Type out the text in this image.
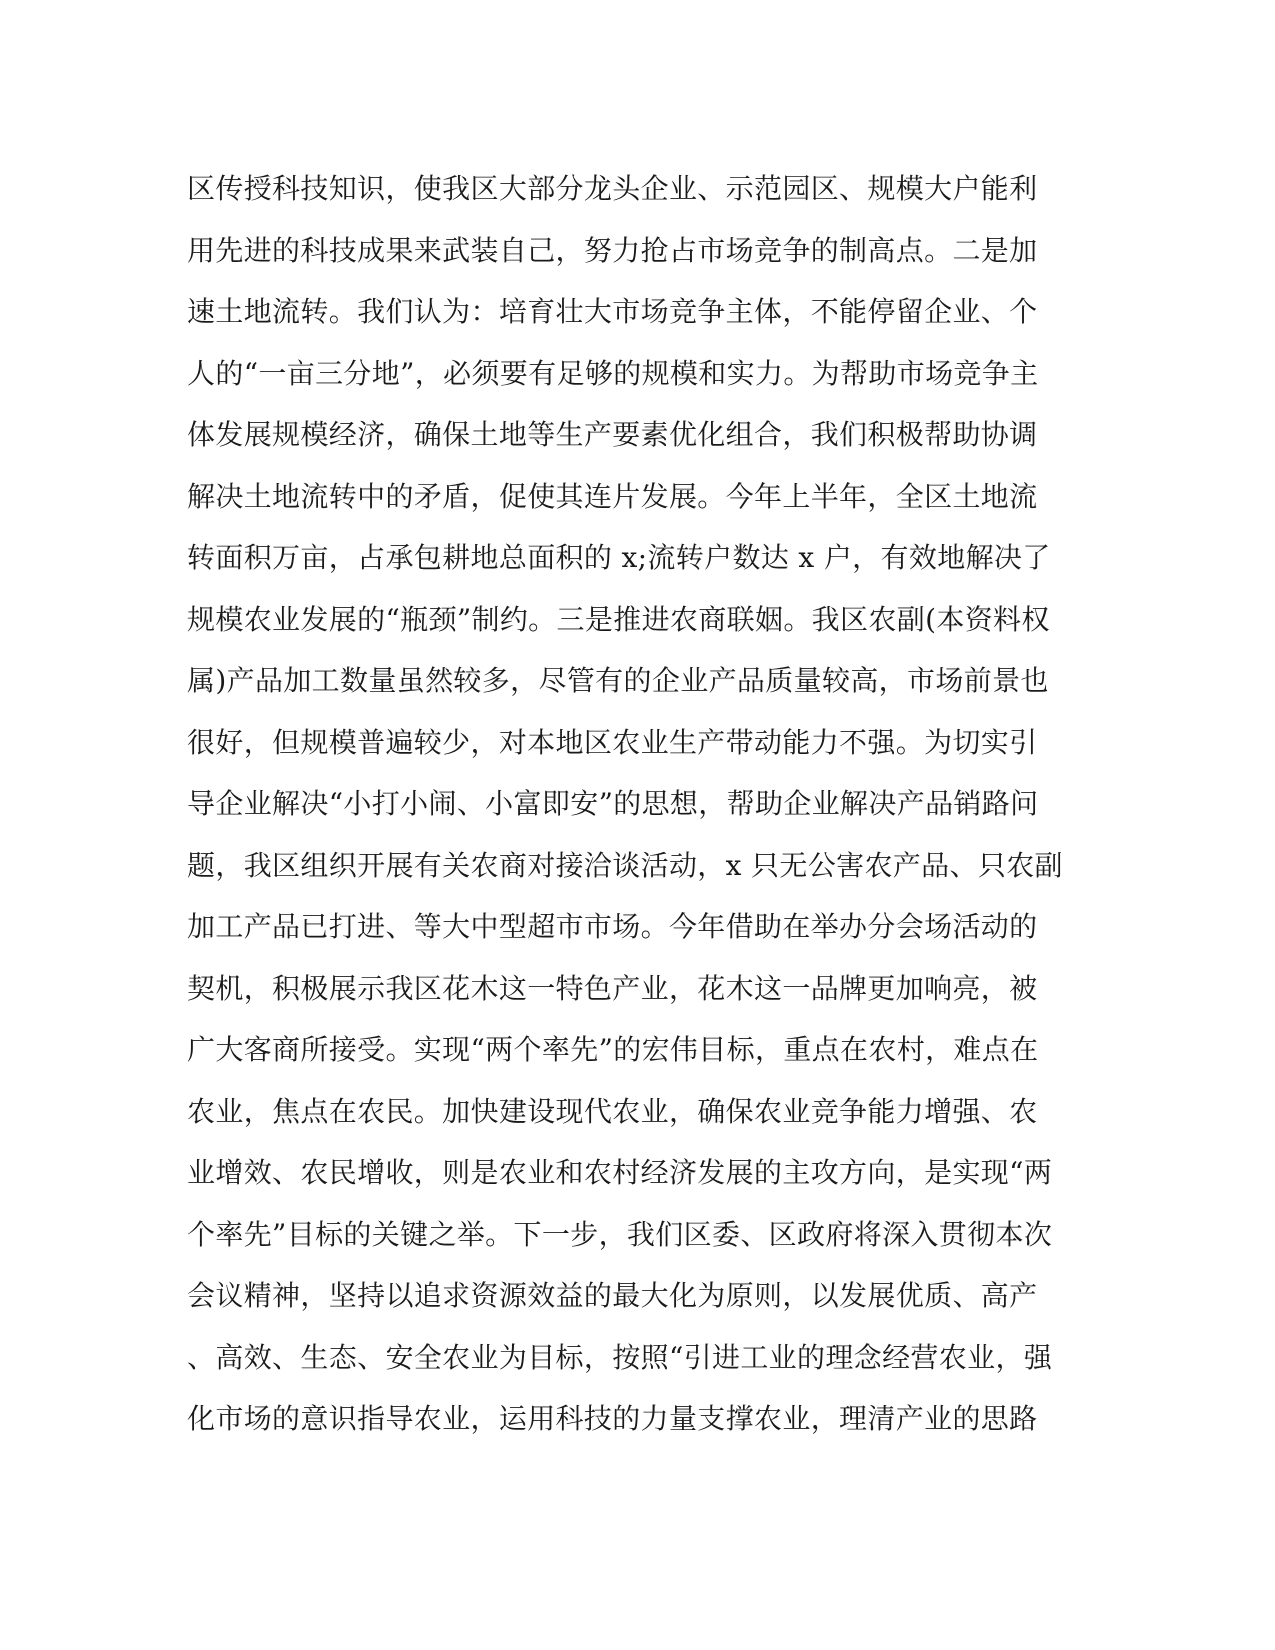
区传授科技知识，使我区大部分龙头企业、示范园区、规模大户能利
用先进的科技成果来武装自己，努力抢占市场竞争的制高点。二是加
速土地流转。我们认为：培育壮大市场竞争主体，不能停留企业、个
人的“一亩三分地”，必须要有足够的规模和实力。为帮助市场竞争主
体发展规模经济，确保土地等生产要素优化组合，我们积极帮助协调
解决土地流转中的矛盾，促使其连片发展。今年上半年，全区土地流
转面积万亩，占承包耕地总面积的 x;流转户数达 x 户，有效地解决了
规模农业发展的“瓶颈”制约。三是推进农商联姻。我区农副(本资料权
属)产品加工数量虽然较多，尽管有的企业产品质量较高，市场前景也
很好，但规模普遍较少，对本地区农业生产带动能力不强。为切实引
导企业解决“小打小闹、小富即安”的思想，帮助企业解决产品销路问
题，我区组织开展有关农商对接洽谈活动，x 只无公害农产品、只农副
加工产品已打进、等大中型超市市场。今年借助在举办分会场活动的
契机，积极展示我区花木这一特色产业，花木这一品牌更加响亮，被
广大客商所接受。实现“两个率先”的宏伟目标，重点在农村，难点在
农业，焦点在农民。加快建设现代农业，确保农业竞争能力增强、农
业增效、农民增收，则是农业和农村经济发展的主攻方向，是实现“两
个率先”目标的关键之举。下一步，我们区委、区政府将深入贯彻本次
会议精神，坚持以追求资源效益的最大化为原则，以发展优质、高产
、高效、生态、安全农业为目标，按照“引进工业的理念经营农业，强
化市场的意识指导农业，运用科技的力量支撑农业，理清产业的思路
